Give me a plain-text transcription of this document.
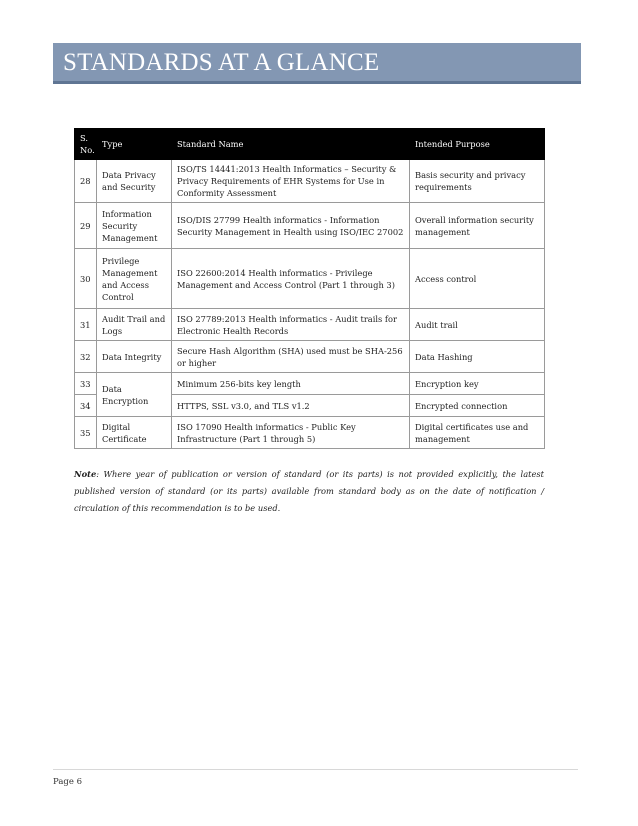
STANDARDS AT A GLANCE
S. No.	Type	Standard Name	Intended Purpose
28	Data Privacy and Security	ISO/TS 14441:2013 Health Informatics – Security & Privacy Requirements of EHR Systems for Use in Conformity Assessment	Basis security and privacy requirements
29	Information Security Management	ISO/DIS 27799 Health informatics - Information Security Management in Health using ISO/IEC 27002	Overall information security management
30	Privilege Management and Access Control	ISO 22600:2014 Health informatics - Privilege Management and Access Control (Part 1 through 3)	Access control
31	Audit Trail and Logs	ISO 27789:2013 Health informatics - Audit trails for Electronic Health Records	Audit trail
32	Data Integrity	Secure Hash Algorithm (SHA) used must be SHA-256 or higher	Data Hashing
33	Data Encryption	Minimum 256-bits key length	Encryption key
34		HTTPS, SSL v3.0, and TLS v1.2	Encrypted connection
35	Digital Certificate	ISO 17090 Health informatics - Public Key Infrastructure (Part 1 through 5)	Digital certificates use and management
Note: Where year of publication or version of standard (or its parts) is not provided explicitly, the latest published version of standard (or its parts) available from standard body as on the date of notification / circulation of this recommendation is to be used.
Page 6
